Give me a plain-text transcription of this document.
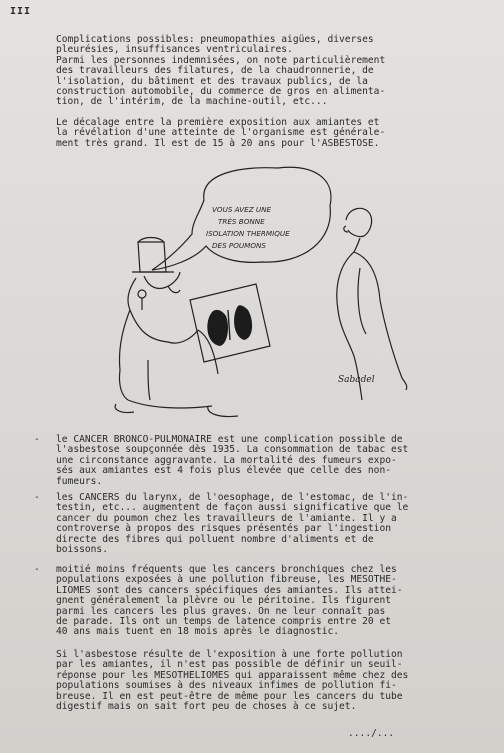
III
Complications possibles: pneumopathies aigües, diverses
pleurésies, insuffisances ventriculaires.
Parmi les personnes indemnisées, on note particulièrement
des travailleurs des filatures, de la chaudronnerie, de
l'isolation, du bâtiment et des travaux publics, de la
construction automobile, du commerce de gros en alimenta-
tion, de l'intérim, de la machine-outil, etc...
Le décalage entre la première exposition aux amiantes et
la révélation d'une atteinte de l'organisme est générale-
ment très grand. Il est de 15 à 20 ans pour l'ASBESTOSE.
VOUS AVEZ UNE
TRÈS BONNE
ISOLATION THERMIQUE
DES POUMONS
Sabadel
- le CANCER BRONCO-PULMONAIRE est une complication possible de
l'asbestose soupçonnée dès 1935. La consommation de tabac est
une circonstance aggravante. La mortalité des fumeurs expo-
sés aux amiantes est 4 fois plus élevée que celle des non-
fumeurs.
- les CANCERS du larynx, de l'oesophage, de l'estomac, de l'in-
testin, etc... augmentent de façon aussi significative que le
cancer du poumon chez les travailleurs de l'amiante. Il y a
controverse à propos des risques présentés par l'ingestion
directe des fibres qui polluent nombre d'aliments et de
boissons.
- moitié moins fréquents que les cancers bronchiques chez les
populations exposées à une pollution fibreuse, les MESOTHE-
LIOMES sont des cancers spécifiques des amiantes. Ils attei-
gnent généralement la plèvre ou le péritoine. Ils figurent
parmi les cancers les plus graves. On ne leur connaît pas
de parade. Ils ont un temps de latence compris entre 20 et
40 ans mais tuent en 18 mois après le diagnostic.
Si l'asbestose résulte de l'exposition à une forte pollution
par les amiantes, il n'est pas possible de définir un seuil-
réponse pour les MESOTHELIOMES qui apparaissent même chez des
populations soumises à des niveaux infimes de pollution fi-
breuse. Il en est peut-être de même pour les cancers du tube
digestif mais on sait fort peu de choses à ce sujet.
..../...
